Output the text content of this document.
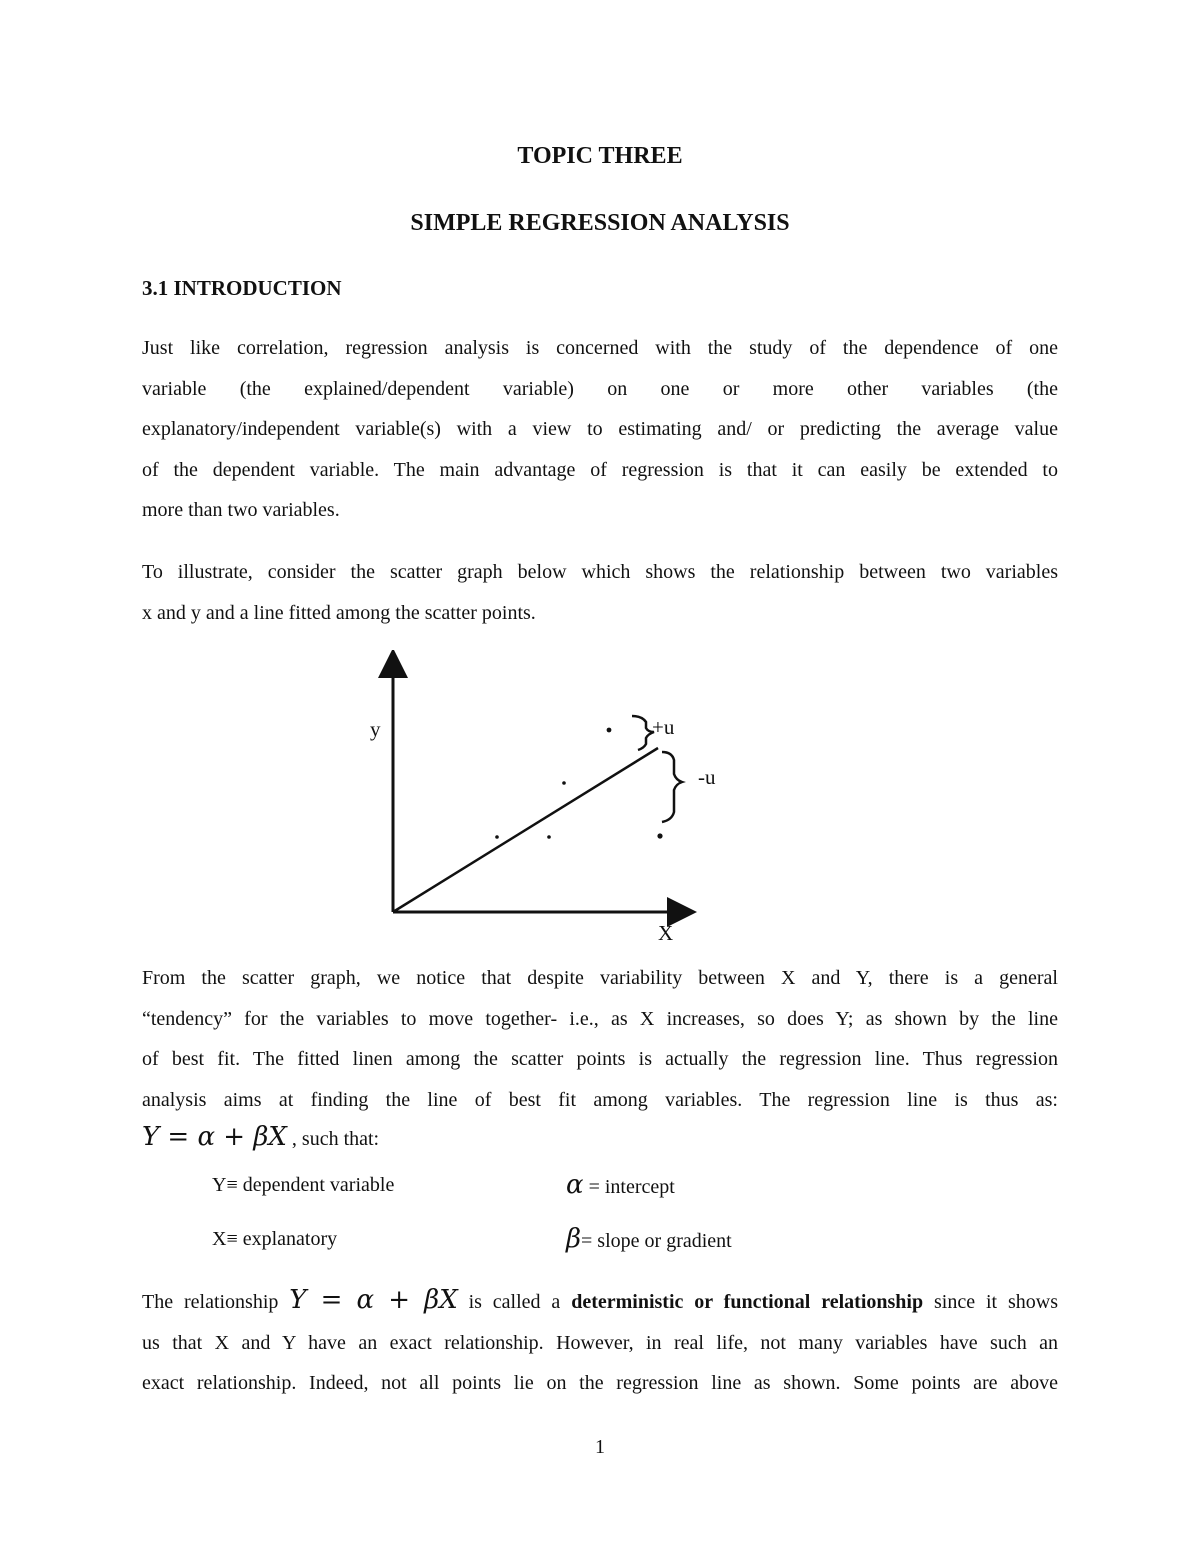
TOPIC THREE
SIMPLE REGRESSION ANALYSIS
3.1 INTRODUCTION
Just like correlation, regression analysis is concerned with the study of the dependence of one
variable (the explained/dependent variable) on one or more other variables (the
explanatory/independent variable(s) with a view to estimating and/ or predicting the average value
of the dependent variable. The main advantage of regression is that it can easily be extended to
more than two variables.
To illustrate, consider the scatter graph below which shows the relationship between two variables
x and y and a line fitted among the scatter points.
y
X
+u
-u
From the scatter graph, we notice that despite variability between X and Y, there is a general
“tendency” for the variables to move together- i.e., as X increases, so does Y; as shown by the line
of best fit. The fitted linen among the scatter points is actually the regression line. Thus regression
analysis aims at finding the line of best fit among variables. The regression line is thus as:
Y = α + βX , such that:
Y≡ dependent variable
X≡ explanatory
α = intercept
β= slope or gradient
The relationship Y = α + βX is called a deterministic or functional relationship since it shows
us that X and Y have an exact relationship. However, in real life, not many variables have such an
exact relationship. Indeed, not all points lie on the regression line as shown. Some points are above
1
